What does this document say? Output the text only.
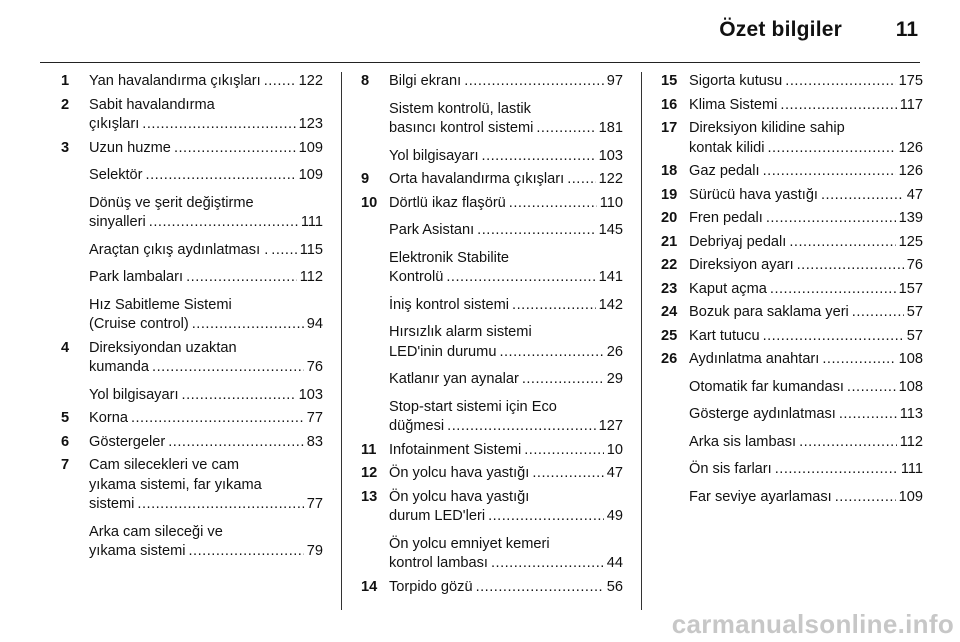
Özet bilgiler	11
1 Yan havalandırma çıkışları .....	122
2 Sabit havalandırma
çıkışları .....	123
3 Uzun huzme .....	109
Selektör .....	109
Dönüş ve şerit değiştirme
sinyalleri .....	111
Araçtan çıkış aydınlatması . ..... 115
Park lambaları .....	112
Hız Sabitleme Sistemi
(Cruise control) .....	94
4 Direksiyondan uzaktan
kumanda .....	76
Yol bilgisayarı .....	103
5 Korna .....	77
6 Göstergeler .....	83
7 Cam silecekleri ve cam
yıkama sistemi, far yıkama
sistemi .....	77
Arka cam sileceği ve
yıkama sistemi .....	79
8 Bilgi ekranı .....	97
Sistem kontrolü, lastik
basıncı kontrol sistemi .....	181
Yol bilgisayarı .....	103
9 Orta havalandırma çıkışları ..... 122
10 Dörtlü ikaz flaşörü .....	110
Park Asistanı .....	145
Elektronik Stabilite
Kontrolü .....	141
İniş kontrol sistemi .....	142
Hırsızlık alarm sistemi
LED'inin durumu .....	26
Katlanır yan aynalar .....	29
Stop-start sistemi için Eco
düğmesi .....	127
11 Infotainment Sistemi .....	10
12 Ön yolcu hava yastığı .....	47
13 Ön yolcu hava yastığı
durum LED'leri .....	49
Ön yolcu emniyet kemeri
kontrol lambası .....	44
14 Torpido gözü .....	56
15 Sigorta kutusu .....	175
16 Klima Sistemi .....	117
17 Direksiyon kilidine sahip
kontak kilidi .....	126
18 Gaz pedalı .....	126
19 Sürücü hava yastığı .....	47
20 Fren pedalı .....	139
21 Debriyaj pedalı .....	125
22 Direksiyon ayarı .....	76
23 Kaput açma .....	157
24 Bozuk para saklama yeri .....	57
25 Kart tutucu .....	57
26 Aydınlatma anahtarı .....	108
Otomatik far kumandası .....	108
Gösterge aydınlatması .....	113
Arka sis lambası .....	112
Ön sis farları .....	111
Far seviye ayarlaması .....	109
carmanualsonline.info
